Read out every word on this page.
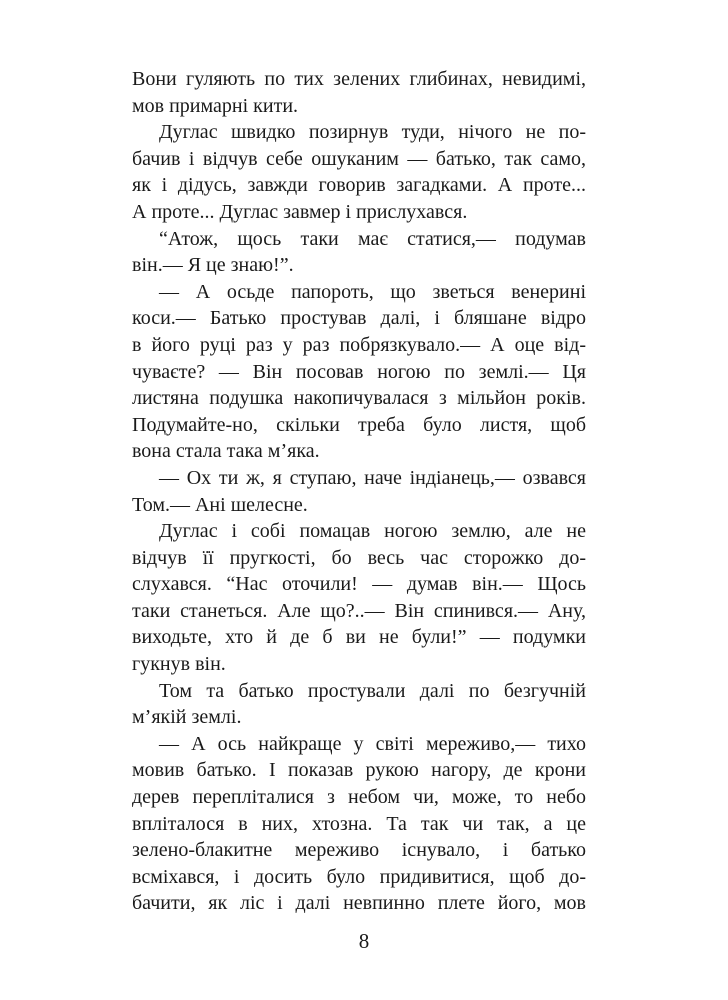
Вони гуляють по тих зелених глибинах, невидимі,
мов примарні кити.

Дуглас швидко позирнув туди, нічого не по-
бачив і відчув себе ошуканим — батько, так само,
як і дідусь, завжди говорив загадками. А проте...
А проте... Дуглас завмер і прислухався.

“Атож, щось таки має статися,— подумав
він.— Я це знаю!”.

— А осьде папороть, що зветься венерині
коси.— Батько простував далі, і бляшане відро
в його руці раз у раз побрязкувало.— А оце від-
чуваєте? — Він посовав ногою по землі.— Ця
листяна подушка накопичувалася з мільйон років.
Подумайте-но, скільки треба було листя, щоб
вона стала така м’яка.

— Ох ти ж, я ступаю, наче індіанець,— озвався
Том.— Ані шелесне.

Дуглас і собі помацав ногою землю, але не
відчув її пругкості, бо весь час сторожко до-
слухався. “Нас оточили! — думав він.— Щось
таки станеться. Але що?..— Він спинився.— Ану,
виходьте, хто й де б ви не були!” — подумки
гукнув він.

Том та батько простували далі по безгучній
м’якій землі.

— А ось найкраще у світі мереживо,— тихо
мовив батько. І показав рукою нагору, де крони
дерев перепліталися з небом чи, може, то небо
впліталося в них, хтозна. Та так чи так, а це
зелено-блакитне мереживо існувало, і батько
всміхався, і досить було придивитися, щоб до-
бачити, як ліс і далі невпинно плете його, мов

8
